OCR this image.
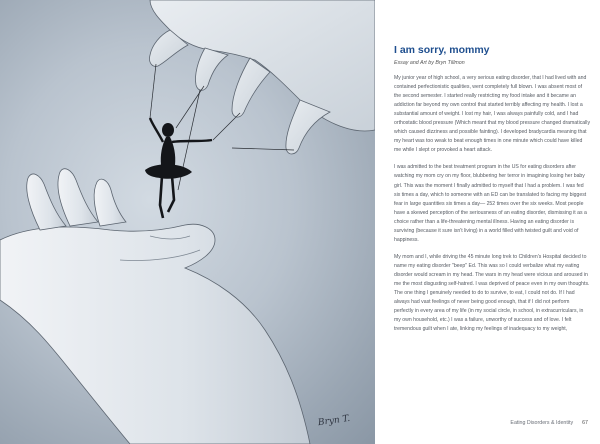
Bryn T.
I am sorry, mommy

Essay and Art by Bryn Tillmon

My junior year of high school, a very serious eating disorder, that I had lived with and contained perfectionistic qualities, went completely full blown. I was absent most of the second semester. I started really restricting my food intake and it became an addiction far beyond my own control that started terribly affecting my health. I lost a substantial amount of weight. I lost my hair, I was always painfully cold, and I had orthostatic blood pressure (Which meant that my blood pressure changed dramatically which caused dizziness and possible fainting). I developed bradycardia meaning that my heart was too weak to beat enough times in one minute which could have killed me while I slept or provoked a heart attack.

I was admitted to the best treatment program in the US for eating disorders after watching my mom cry on my floor, blubbering her terror in imagining losing her baby girl. This was the moment I finally admitted to myself that I had a problem. I was fed six times a day, which to someone with an ED can be translated to facing my biggest fear in large quantities six times a day— 252 times over the six weeks. Most people have a skewed perception of the seriousness of an eating disorder, dismissing it as a choice rather than a life-threatening mental illness. Having an eating disorder is surviving (because it sure isn't living) in a world filled with twisted guilt and void of happiness.

My mom and I, while driving the 45 minute long trek to Children's Hospital decided to name my eating disorder "beep" Ed. This was so I could verbalize what my eating disorder would scream in my head. The wars in my head were vicious and aroused in me the most disgusting self-hatred. I was deprived of peace even in my own thoughts. The one thing I genuinely needed to do to survive, to eat, I could not do. If I had always had vast feelings of never being good enough, that if I did not perform perfectly in every area of my life (in my social circle, in school, in extracurriculars, in my own household, etc.) I was a failure, unworthy of success and of love. I felt tremendous guilt when I ate, linking my feelings of inadequacy to my weight,

Eating Disorders & Identity 67
